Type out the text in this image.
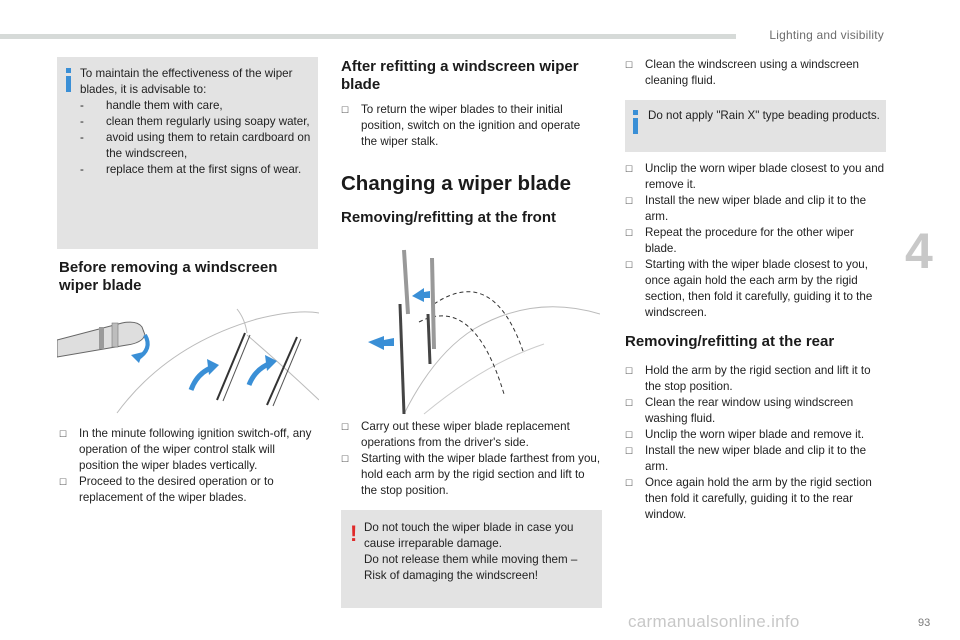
Lighting and visibility
4

To maintain the effectiveness of the wiper blades, it is advisable to:

- handle them with care,
- clean them regularly using soapy water,
- avoid using them to retain cardboard on the windscreen,
- replace them at the first signs of wear.
Before removing a windscreen wiper blade
☐ In the minute following ignition switch-off, any operation of the wiper control stalk will position the wiper blades vertically.
☐ Proceed to the desired operation or to replacement of the wiper blades.
After refitting a windscreen wiper blade
☐ To return the wiper blades to their initial position, switch on the ignition and operate the wiper stalk.
Changing a wiper blade
Removing/refitting at the front
☐ Carry out these wiper blade replacement operations from the driver's side.
☐ Starting with the wiper blade farthest from you, hold each arm by the rigid section and lift to the stop position.
! Do not touch the wiper blade in case you cause irreparable damage.

Do not release them while moving them – Risk of damaging the windscreen!

☐ Clean the windscreen using a windscreen cleaning fluid.
Do not apply "Rain X" type beading products.
☐ Unclip the worn wiper blade closest to you and remove it.
☐ Install the new wiper blade and clip it to the arm.
☐ Repeat the procedure for the other wiper blade.
☐ Starting with the wiper blade closest to you, once again hold the each arm by the rigid section, then fold it carefully, guiding it to the windscreen.
Removing/refitting at the rear
☐ Hold the arm by the rigid section and lift it to the stop position.
☐ Clean the rear window using windscreen washing fluid.
☐ Unclip the worn wiper blade and remove it.
☐ Install the new wiper blade and clip it to the arm.
☐ Once again hold the arm by the rigid section then fold it carefully, guiding it to the rear window.
carmanualsonline.info	93
